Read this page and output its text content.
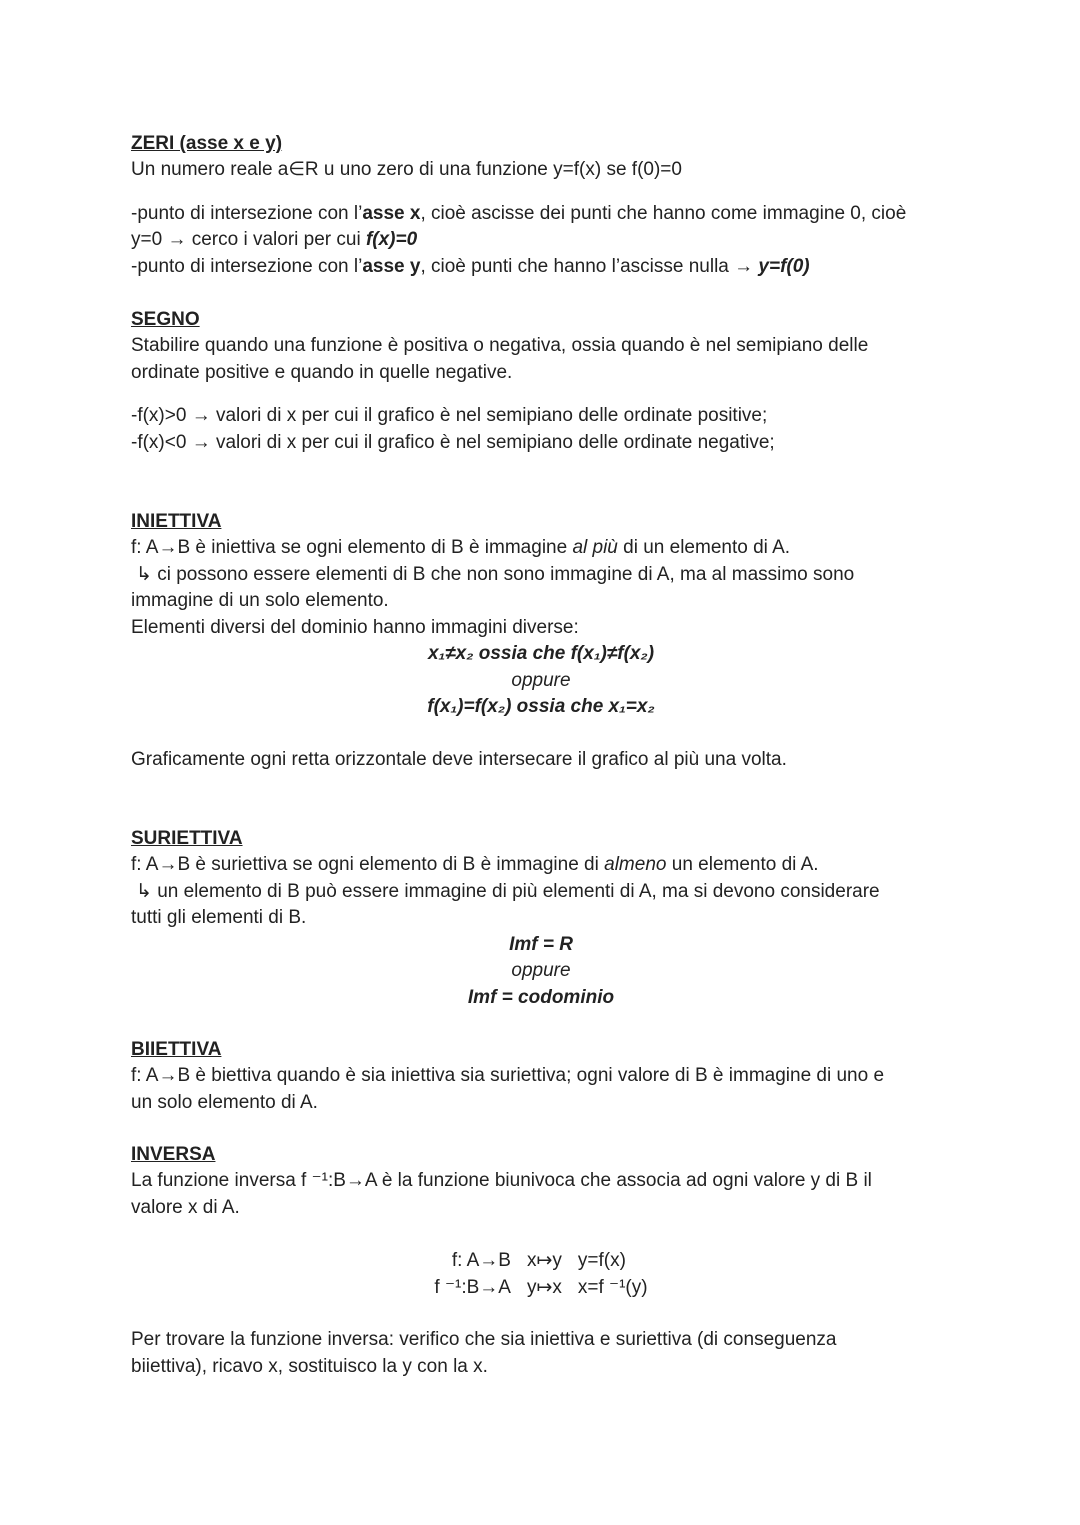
ZERI (asse x e y)

Un numero reale a∈R u uno zero di una funzione y=f(x) se f(0)=0

-punto di intersezione con l’asse x, cioè ascisse dei punti che hanno come immagine 0, cioè

y=0 → cerco i valori per cui f(x)=0

-punto di intersezione con l’asse y, cioè punti che hanno l’ascisse nulla → y=f(0)

SEGNO

Stabilire quando una funzione è positiva o negativa, ossia quando è nel semipiano delle

ordinate positive e quando in quelle negative.

-f(x)>0 → valori di x per cui il grafico è nel semipiano delle ordinate positive;

-f(x)<0 → valori di x per cui il grafico è nel semipiano delle ordinate negative;

INIETTIVA

f: A→B è iniettiva se ogni elemento di B è immagine al più di un elemento di A.

↳ ci possono essere elementi di B che non sono immagine di A, ma al massimo sono

immagine di un solo elemento.

Elementi diversi del dominio hanno immagini diverse:

x₁≠x₂ ossia che f(x₁)≠f(x₂)

oppure

f(x₁)=f(x₂) ossia che x₁=x₂

Graficamente ogni retta orizzontale deve intersecare il grafico al più una volta.

SURIETTIVA

f: A→B è suriettiva se ogni elemento di B è immagine di almeno un elemento di A.

↳ un elemento di B può essere immagine di più elementi di A, ma si devono considerare

tutti gli elementi di B.

Imf = R

oppure

Imf = codominio

BIIETTIVA

f: A→B è biettiva quando è sia iniettiva sia suriettiva; ogni valore di B è immagine di uno e

un solo elemento di A.

INVERSA

La funzione inversa f ⁻¹:B→A è la funzione biunivoca che associa ad ogni valore y di B il

valore x di A.

f: A→B	x↦y	y=f(x)
f ⁻¹:B→A	y↦x	x=f ⁻¹(y)

Per trovare la funzione inversa: verifico che sia iniettiva e suriettiva (di conseguenza

biiettiva), ricavo x, sostituisco la y con la x.
